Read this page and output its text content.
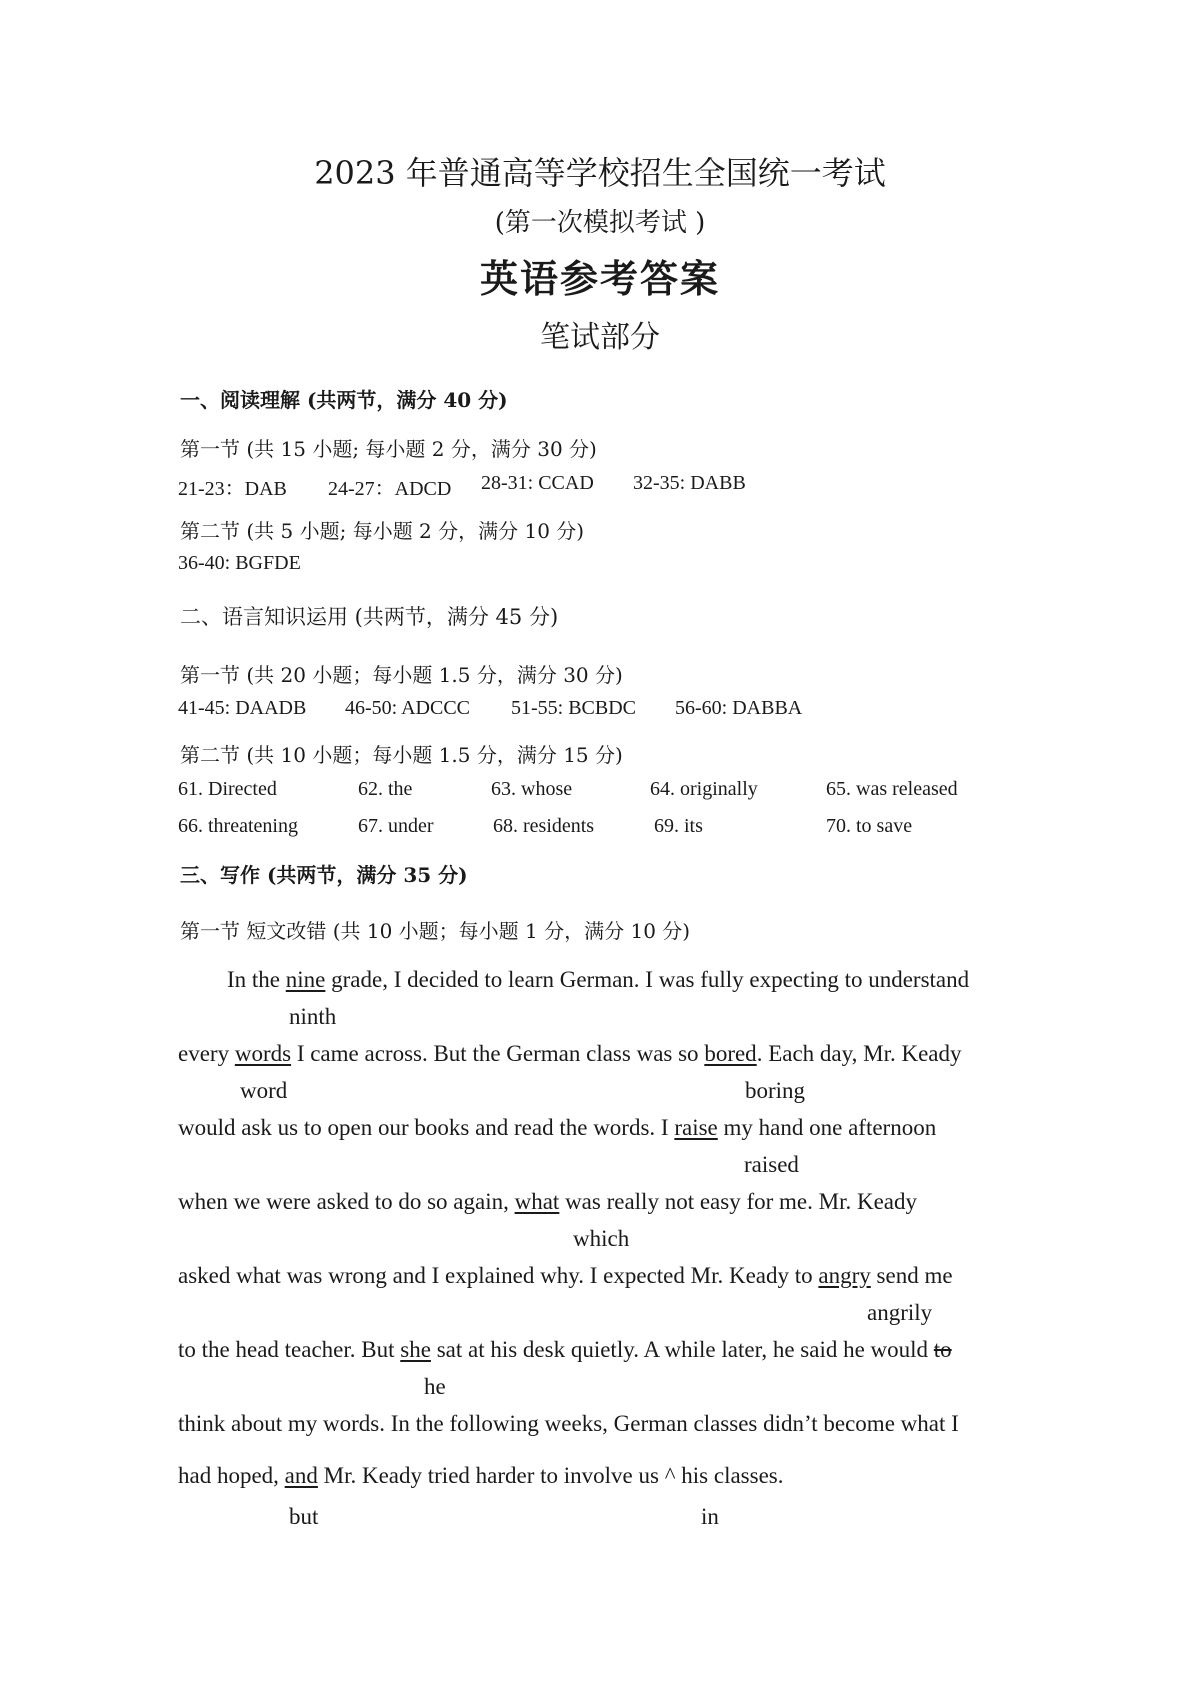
2023 年普通高等学校招生全国统一考试
(第一次模拟考试 )
英语参考答案
笔试部分
一、阅读理解 (共两节，满分 40 分)
第一节 (共 15 小题; 每小题 2 分，满分 30 分)
21-23：DAB 24-27：ADCD 28-31: CCAD 32-35: DABB
第二节 (共 5 小题; 每小题 2 分，满分 10 分)
36-40: BGFDE
二、语言知识运用 (共两节，满分 45 分)
第一节 (共 20 小题；每小题 1.5 分，满分 30 分)
41-45: DAADB 46-50: ADCCC 51-55: BCBDC 56-60: DABBA
第二节 (共 10 小题；每小题 1.5 分，满分 15 分)
61. Directed	62. the	63. whose	64. originally	65. was released
66. threatening	67. under	68. residents	69. its	70. to save
三、写作 (共两节，满分 35 分)
第一节 短文改错 (共 10 小题；每小题 1 分，满分 10 分)
In the nine grade, I decided to learn German. I was fully expecting to understand
ninth
every words I came across. But the German class was so bored. Each day, Mr. Keady
word	boring
would ask us to open our books and read the words. I raise my hand one afternoon
raised
when we were asked to do so again, what was really not easy for me. Mr. Keady
which
asked what was wrong and I explained why. I expected Mr. Keady to angry send me
angrily
to the head teacher. But she sat at his desk quietly. A while later, he said he would to
he
think about my words. In the following weeks, German classes didn’t become what I
had hoped, and Mr. Keady tried harder to involve us ^ his classes.
but	in
